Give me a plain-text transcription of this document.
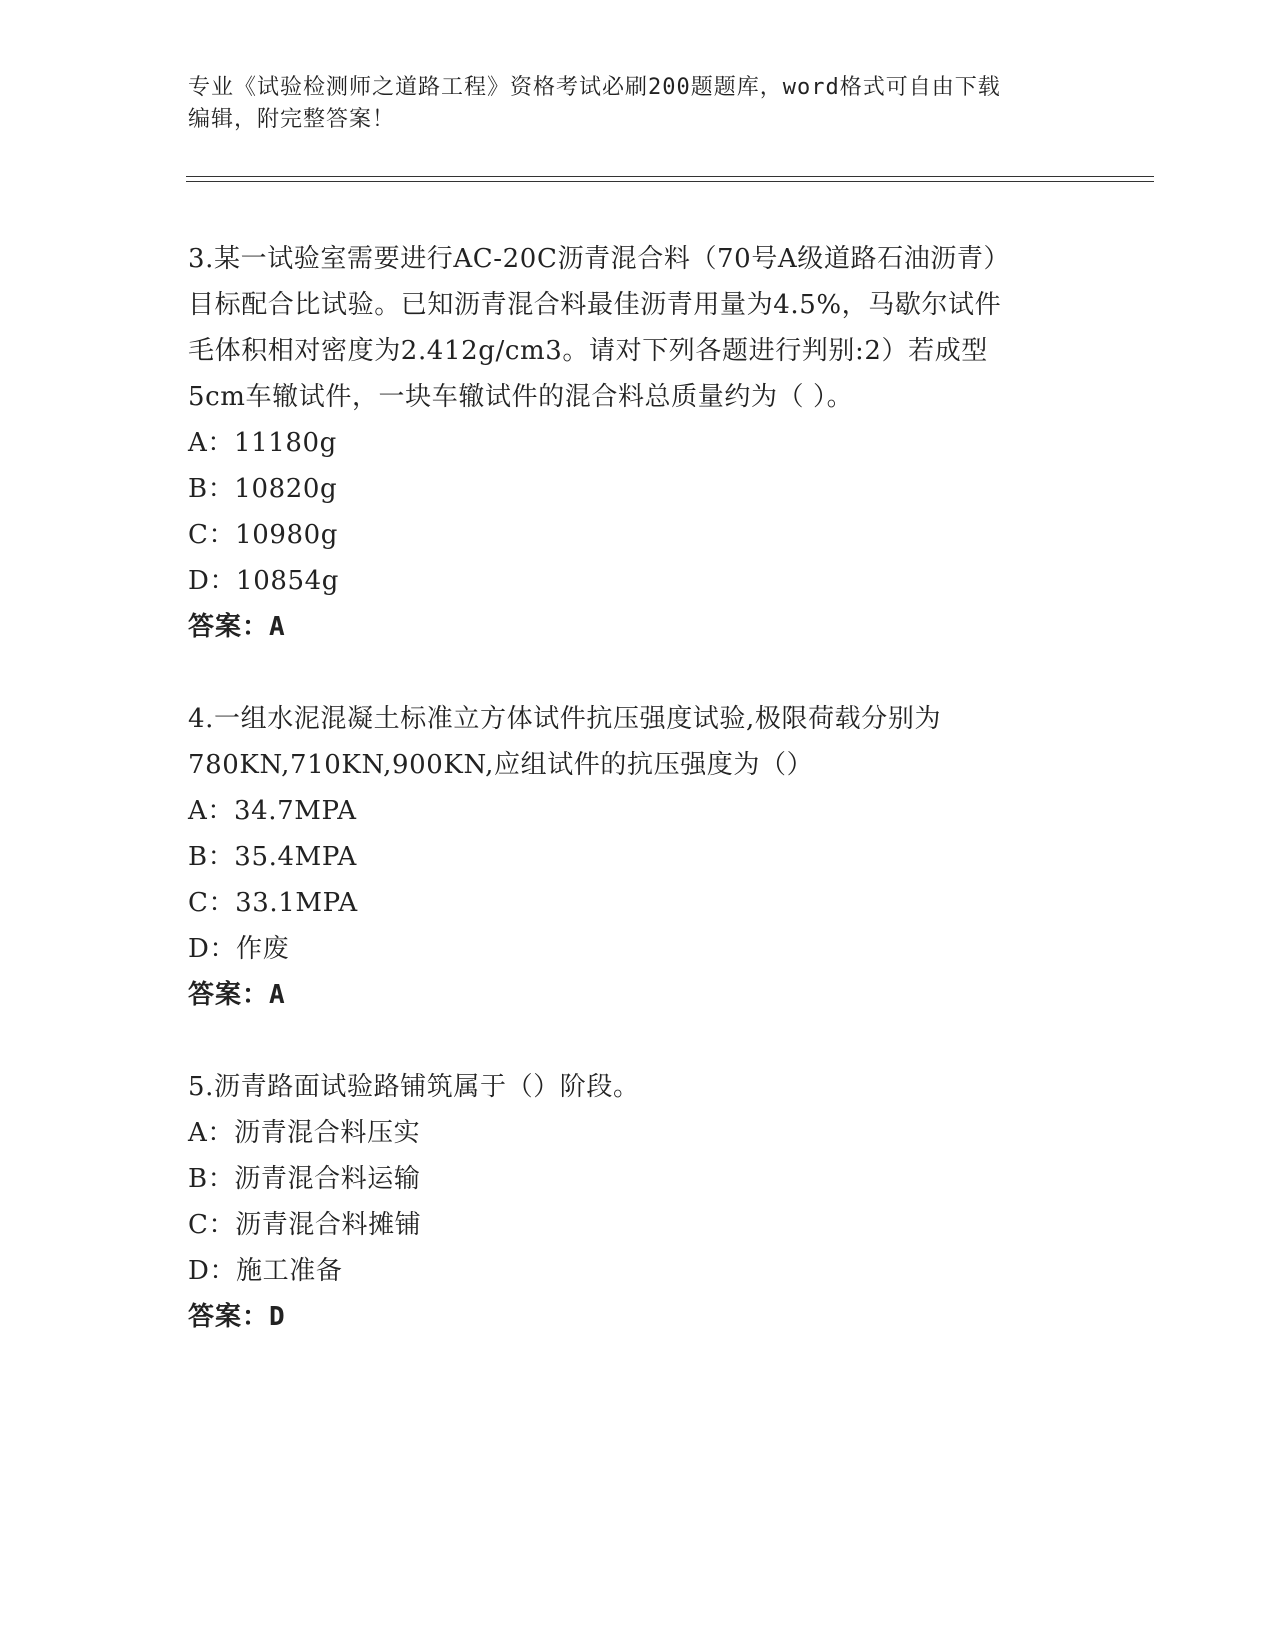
专业《试验检测师之道路工程》资格考试必刷200题题库，word格式可自由下载
编辑，附完整答案！
3.某一试验室需要进行AC-20C沥青混合料（70号A级道路石油沥青）
目标配合比试验。已知沥青混合料最佳沥青用量为4.5%，马歇尔试件
毛体积相对密度为2.412g/cm3。请对下列各题进行判别:2）若成型
5cm车辙试件，一块车辙试件的混合料总质量约为（ ）。
A：11180g
B：10820g
C：10980g
D：10854g
答案：A
4.一组水泥混凝土标准立方体试件抗压强度试验,极限荷载分别为
780KN,710KN,900KN,应组试件的抗压强度为（）
A：34.7MPA
B：35.4MPA
C：33.1MPA
D：作废
答案：A
5.沥青路面试验路铺筑属于（）阶段。
A：沥青混合料压实
B：沥青混合料运输
C：沥青混合料摊铺
D：施工准备
答案：D
